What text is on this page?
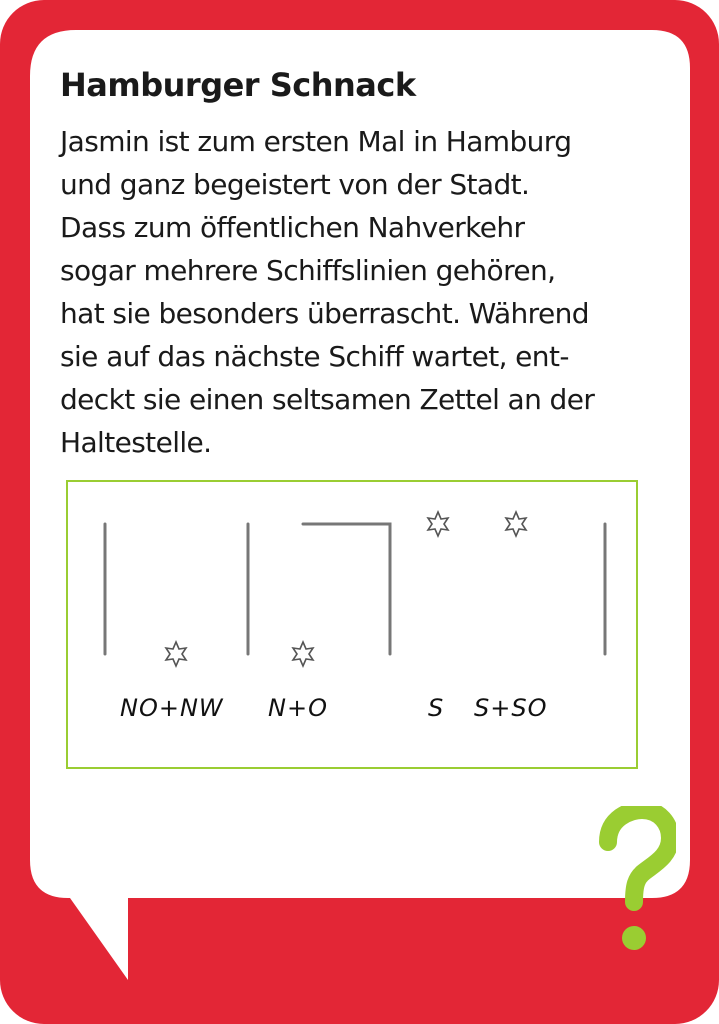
Hamburger Schnack
Jasmin ist zum ersten Mal in Hamburg
und ganz begeistert von der Stadt.
Dass zum öffentlichen Nahverkehr
sogar mehrere Schiffslinien gehören,
hat sie besonders überrascht. Während
sie auf das nächste Schiff wartet, ent-
deckt sie einen seltsamen Zettel an der
Haltestelle.
NO+NW N+O	S S+SO
